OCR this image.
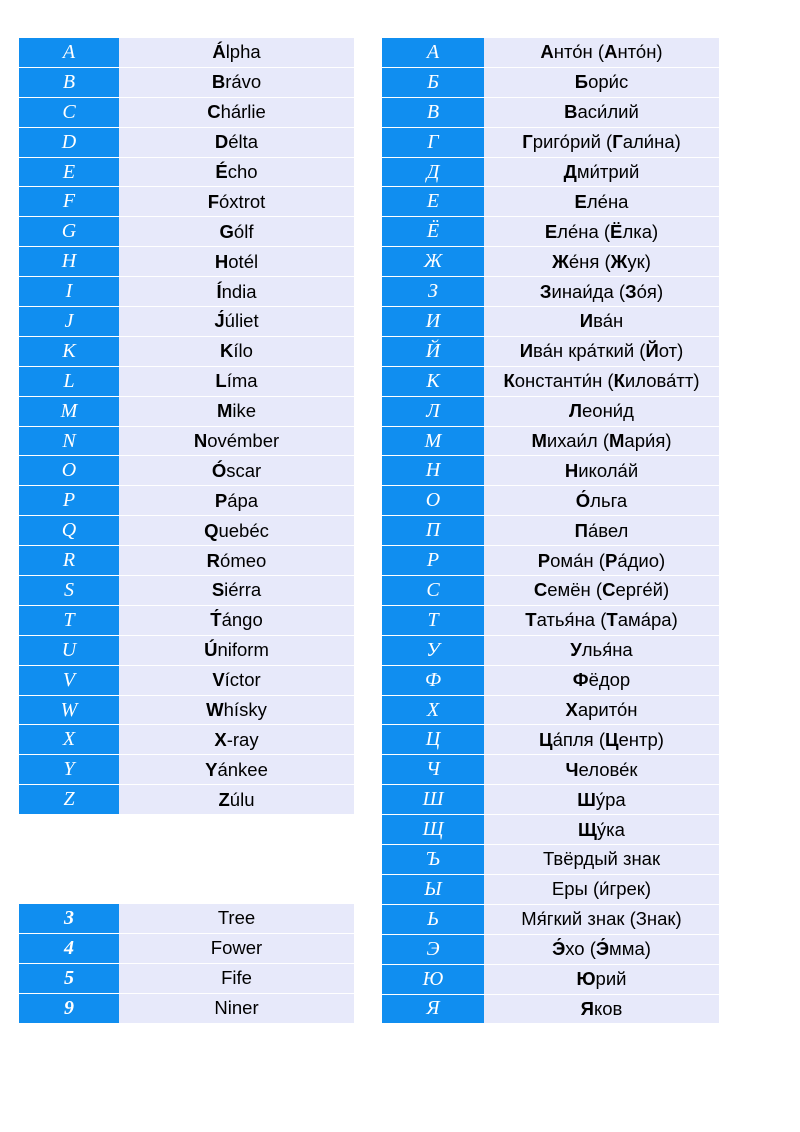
A	Á lpha
B	B rávo
C	C hárlie
D	D élta
E	É cho
F	F óxtrot
G	G ólf
H	H otél
I	Í ndia
J	J́ úliet
K	K ílo
L	L íma
M	M ike
N	N ovémber
O	Ó scar
P	P ápa
Q	Q uebéc
R	R ómeo
S	S iérra
T	T́ ángo
U	Ú niform
V	V íctor
W	W hísky
X	X -ray
Y	Y ánkee
Z	Z úlu
3	Tree
4	Fower
5	Fife
9	Niner
А	А нто́н ( А нто́н)
Б	Б ори́с
В	В аси́лий
Г	Г риго́рий ( Г али́на)
Д	Д ми́трий
Е	Е ле́на
Ё	Е ле́на ( Ё лка)
Ж	Ж е́ня ( Ж ук)
З	З инаи́да ( З о́я)
И	И ва́н
Й	И ва́н кра́ткий ( Й от)
К	К онстанти́н ( К илова́тт)
Л	Л еони́д
М	М ихаи́л ( М ари́я)
Н	Н икола́й
О	О́ льга
П	П а́вел
Р	Р ома́н ( Р а́дио)
С	С емён ( С ерге́й)
Т	Т атья́на ( Т ама́ра)
У	У лья́на
Ф	Ф ёдор
Х	Х арито́н
Ц	Ц а́пля ( Ц ентр)
Ч	Ч елове́к
Ш	Ш у́ра
Щ	Щ у́ка
Ъ	Твёрдый знак
Ы	Еры (и́грек)
Ь	Мя́гкий знак (Знак)
Э	Э́ хо ( Э́ мма)
Ю	Ю рий
Я	Я ков
